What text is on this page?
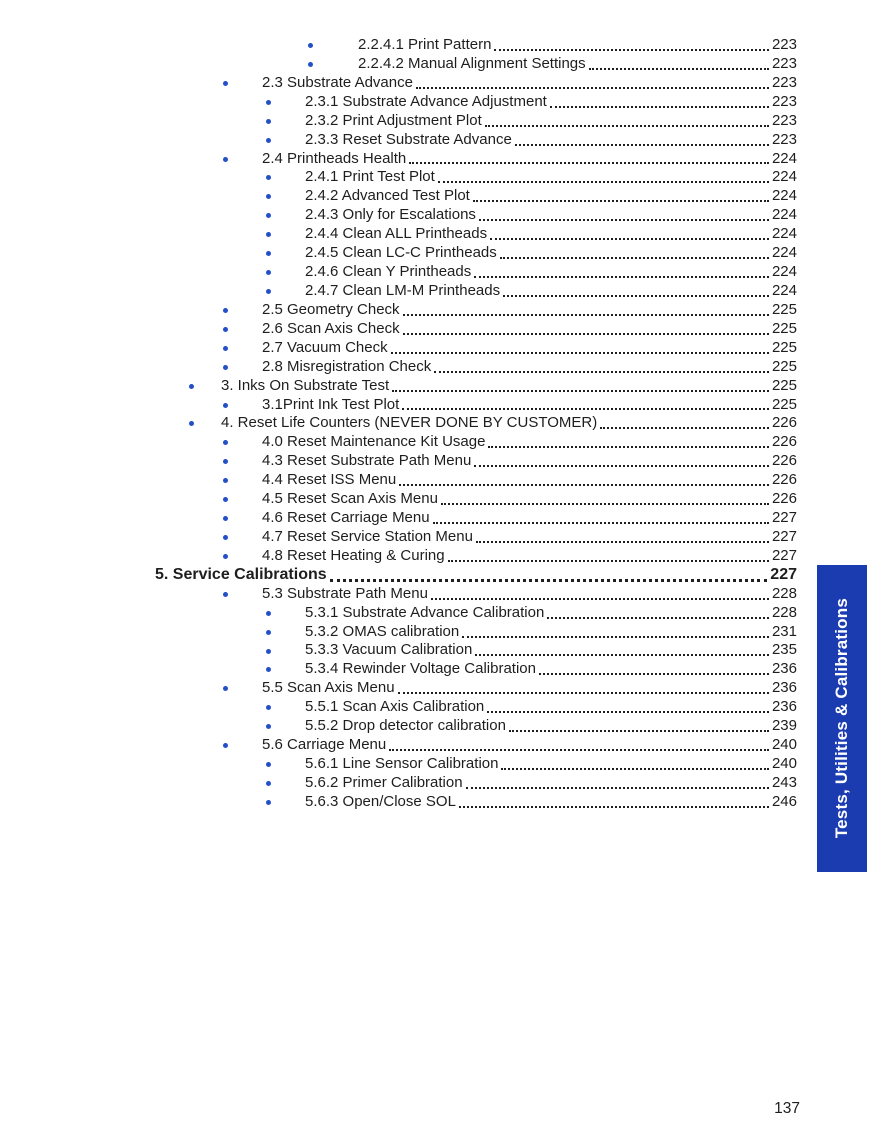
2.2.4.1 Print Pattern	223
2.2.4.2 Manual Alignment Settings	223
2.3 Substrate Advance	223
2.3.1 Substrate Advance Adjustment	223
2.3.2 Print Adjustment Plot	223
2.3.3 Reset Substrate Advance	223
2.4 Printheads Health	224
2.4.1 Print Test Plot	224
2.4.2 Advanced Test Plot	224
2.4.3 Only for Escalations	224
2.4.4 Clean ALL Printheads	224
2.4.5 Clean LC-C Printheads	224
2.4.6 Clean Y Printheads	224
2.4.7 Clean LM-M Printheads	224
2.5 Geometry Check	225
2.6 Scan Axis Check	225
2.7 Vacuum Check	225
2.8 Misregistration Check	225
3. Inks On Substrate Test	225
3.1Print Ink Test Plot	225
4. Reset Life Counters (NEVER DONE BY CUSTOMER)	226
4.0 Reset Maintenance Kit Usage	226
4.3 Reset Substrate Path Menu	226
4.4 Reset ISS Menu	226
4.5 Reset Scan Axis Menu	226
4.6 Reset Carriage Menu	227
4.7 Reset Service Station Menu	227
4.8 Reset Heating & Curing	227
5. Service Calibrations	227
5.3 Substrate Path Menu	228
5.3.1 Substrate Advance Calibration	228
5.3.2 OMAS calibration	231
5.3.3 Vacuum Calibration	235
5.3.4 Rewinder Voltage Calibration	236
5.5 Scan Axis Menu	236
5.5.1 Scan Axis Calibration	236
5.5.2 Drop detector calibration	239
5.6 Carriage Menu	240
5.6.1 Line Sensor Calibration	240
5.6.2 Primer Calibration	243
5.6.3 Open/Close SOL	246 Tests, Utilities & Calibrations
137
